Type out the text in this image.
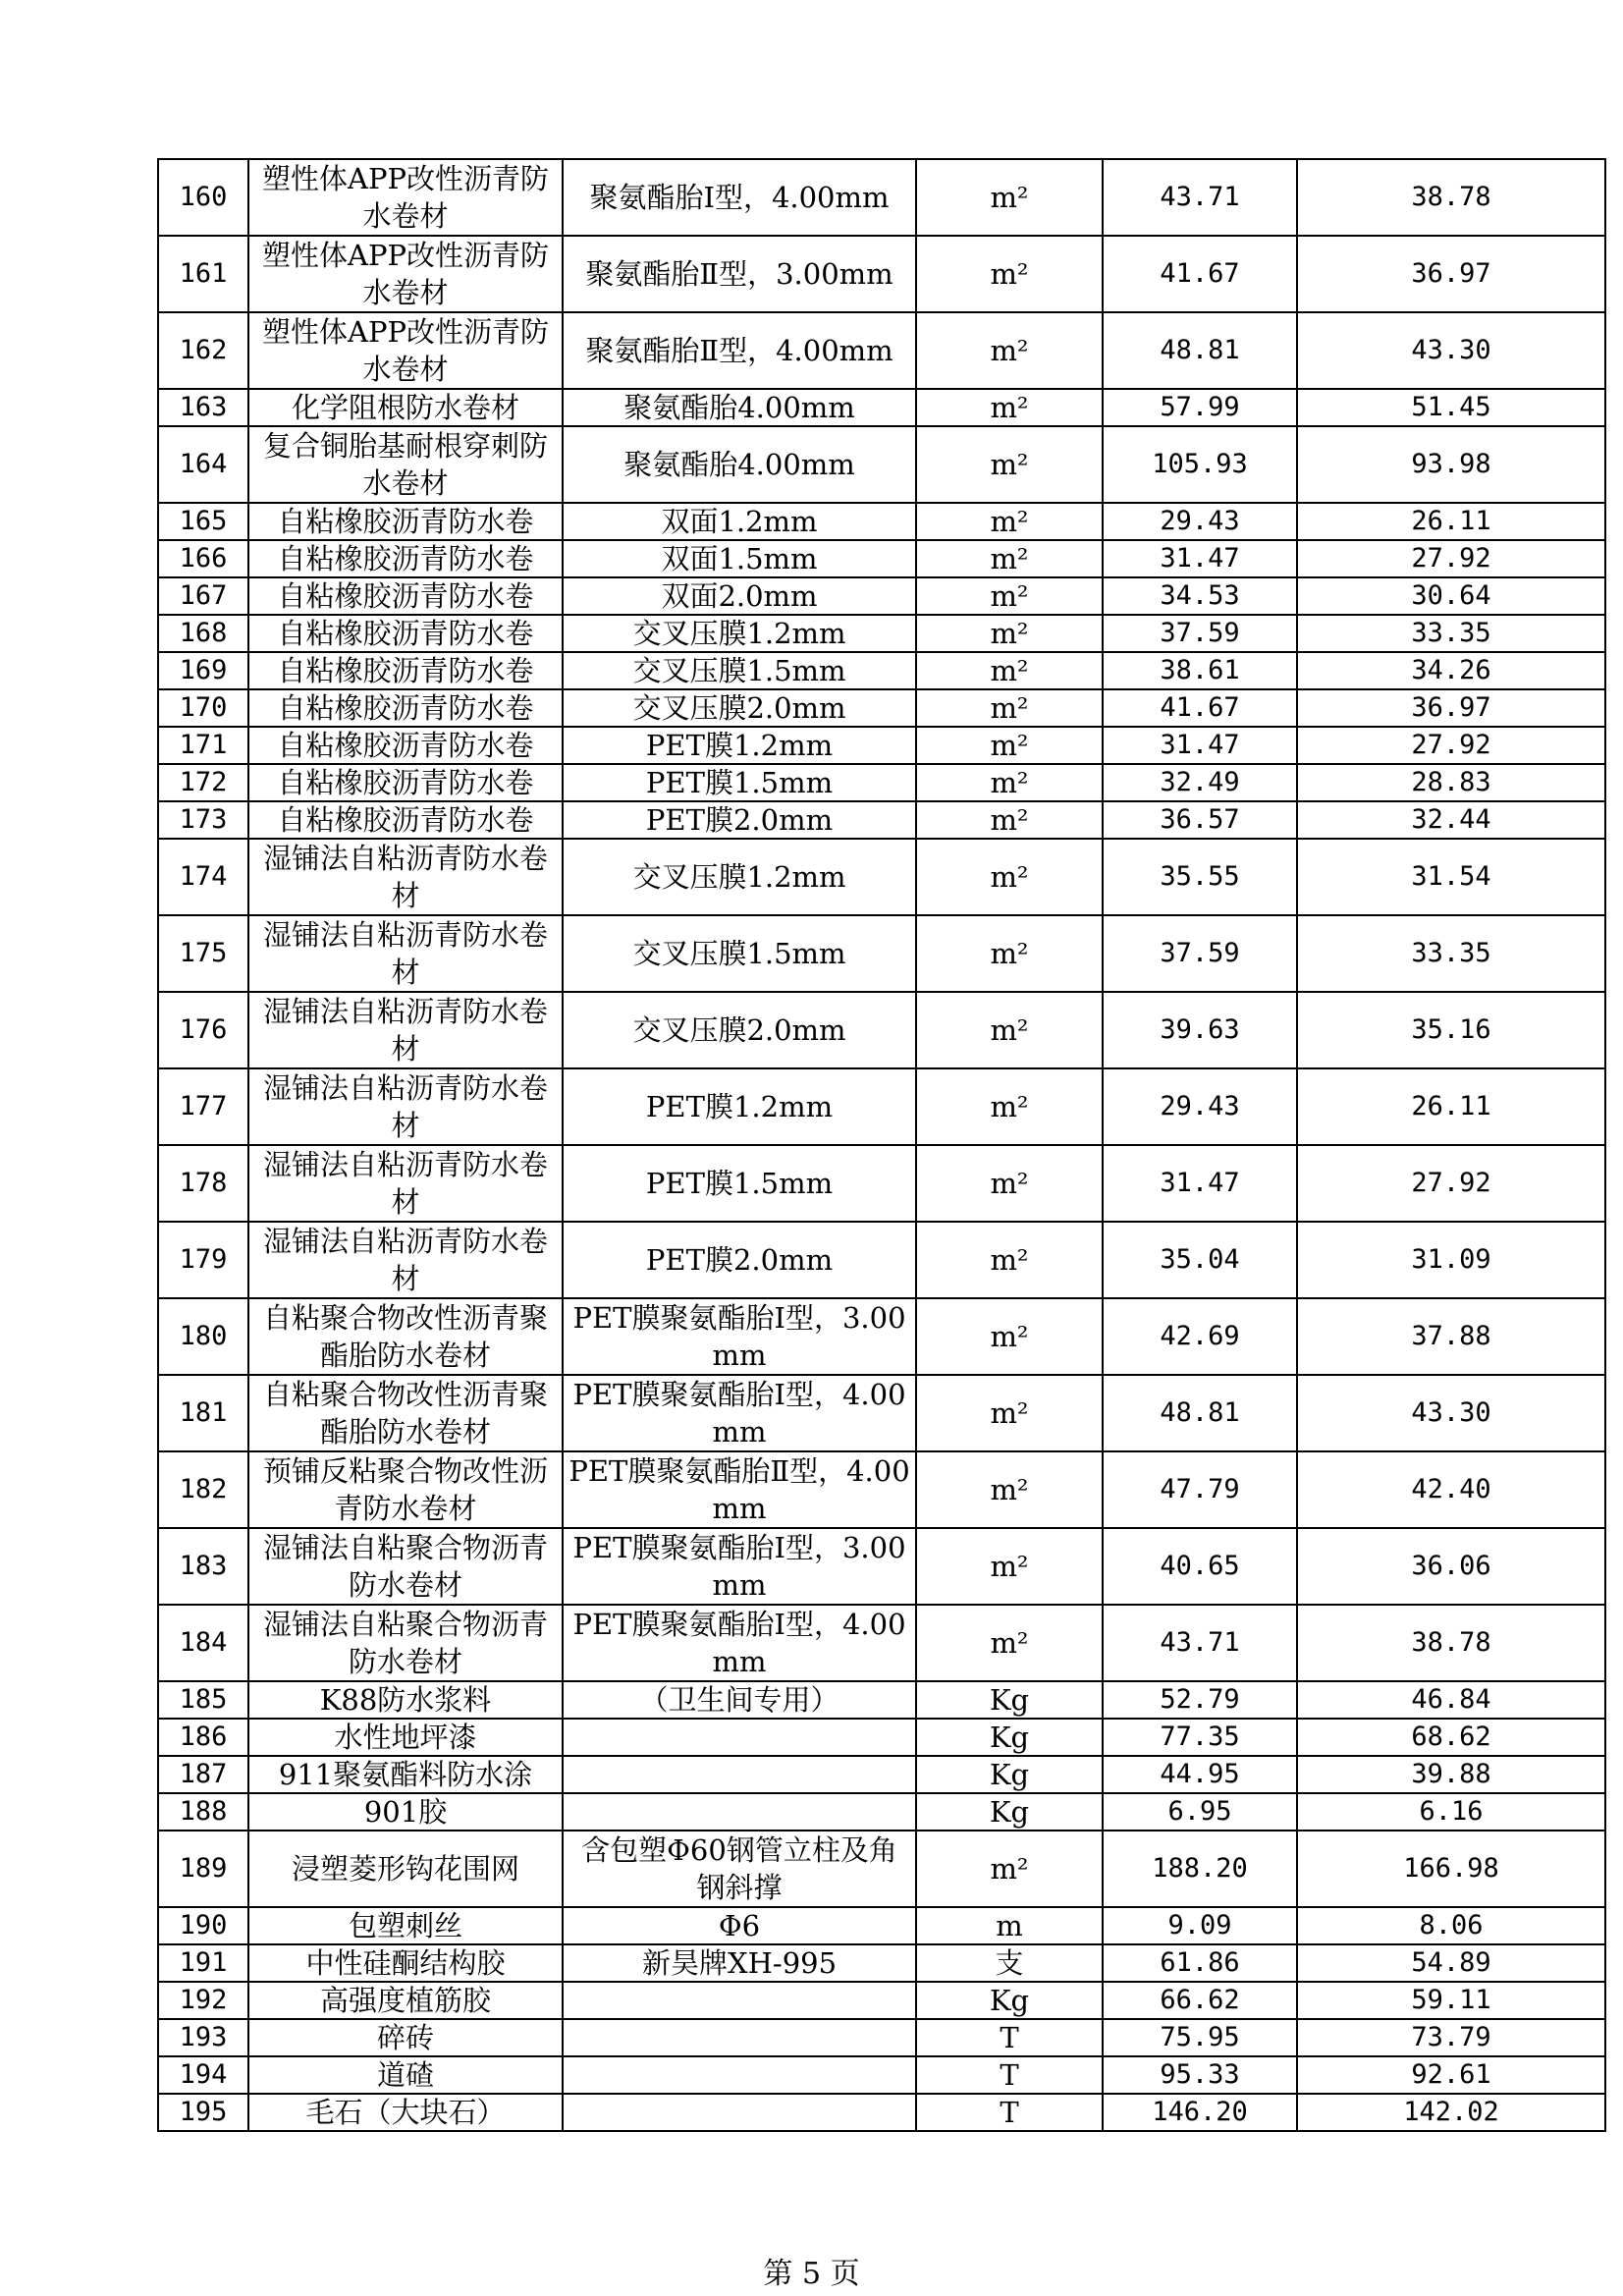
160	塑性体APP改性沥青防水卷材	聚氨酯胎Ⅰ型，4.00mm	m²	43.71	38.78
161	塑性体APP改性沥青防水卷材	聚氨酯胎Ⅱ型，3.00mm	m²	41.67	36.97
162	塑性体APP改性沥青防水卷材	聚氨酯胎Ⅱ型，4.00mm	m²	48.81	43.30
163	化学阻根防水卷材	聚氨酯胎4.00mm	m²	57.99	51.45
164	复合铜胎基耐根穿刺防水卷材	聚氨酯胎4.00mm	m²	105.93	93.98
165	自粘橡胶沥青防水卷	双面1.2mm	m²	29.43	26.11
166	自粘橡胶沥青防水卷	双面1.5mm	m²	31.47	27.92
167	自粘橡胶沥青防水卷	双面2.0mm	m²	34.53	30.64
168	自粘橡胶沥青防水卷	交叉压膜1.2mm	m²	37.59	33.35
169	自粘橡胶沥青防水卷	交叉压膜1.5mm	m²	38.61	34.26
170	自粘橡胶沥青防水卷	交叉压膜2.0mm	m²	41.67	36.97
171	自粘橡胶沥青防水卷	PET膜1.2mm	m²	31.47	27.92
172	自粘橡胶沥青防水卷	PET膜1.5mm	m²	32.49	28.83
173	自粘橡胶沥青防水卷	PET膜2.0mm	m²	36.57	32.44
174	湿铺法自粘沥青防水卷材	交叉压膜1.2mm	m²	35.55	31.54
175	湿铺法自粘沥青防水卷材	交叉压膜1.5mm	m²	37.59	33.35
176	湿铺法自粘沥青防水卷材	交叉压膜2.0mm	m²	39.63	35.16
177	湿铺法自粘沥青防水卷材	PET膜1.2mm	m²	29.43	26.11
178	湿铺法自粘沥青防水卷材	PET膜1.5mm	m²	31.47	27.92
179	湿铺法自粘沥青防水卷材	PET膜2.0mm	m²	35.04	31.09
180	自粘聚合物改性沥青聚酯胎防水卷材	PET膜聚氨酯胎Ⅰ型，3.00mm	m²	42.69	37.88
181	自粘聚合物改性沥青聚酯胎防水卷材	PET膜聚氨酯胎Ⅰ型，4.00mm	m²	48.81	43.30
182	预铺反粘聚合物改性沥青防水卷材	PET膜聚氨酯胎Ⅱ型，4.00mm	m²	47.79	42.40
183	湿铺法自粘聚合物沥青防水卷材	PET膜聚氨酯胎Ⅰ型，3.00mm	m²	40.65	36.06
184	湿铺法自粘聚合物沥青防水卷材	PET膜聚氨酯胎Ⅰ型，4.00mm	m²	43.71	38.78
185	K88防水浆料	（卫生间专用）	Kg	52.79	46.84
186	水性地坪漆		Kg	77.35	68.62
187	911聚氨酯料防水涂		Kg	44.95	39.88
188	901胶		Kg	6.95	6.16
189	浸塑菱形钩花围网	含包塑Φ60钢管立柱及角钢斜撑	m²	188.20	166.98
190	包塑刺丝	Φ6	m	9.09	8.06
191	中性硅酮结构胶	新昊牌XH-995	支	61.86	54.89
192	高强度植筋胶		Kg	66.62	59.11
193	碎砖		T	75.95	73.79
194	道碴		T	95.33	92.61
195	毛石（大块石）		T	146.20	142.02
第 5 页
